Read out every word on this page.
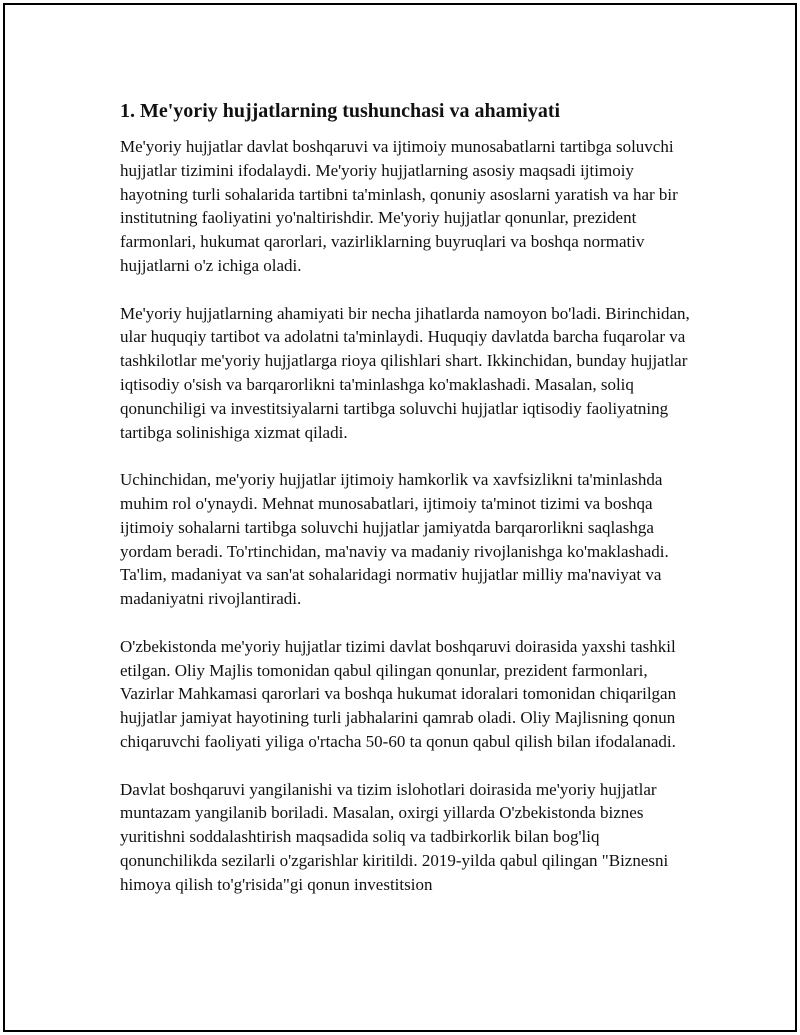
1. Me'yoriy hujjatlarning tushunchasi va ahamiyati

Me'yoriy hujjatlar davlat boshqaruvi va ijtimoiy munosabatlarni tartibga soluvchi hujjatlar tizimini ifodalaydi. Me'yoriy hujjatlarning asosiy maqsadi ijtimoiy hayotning turli sohalarida tartibni ta'minlash, qonuniy asoslarni yaratish va har bir institutning faoliyatini yo'naltirishdir. Me'yoriy hujjatlar qonunlar, prezident farmonlari, hukumat qarorlari, vazirliklarning buyruqlari va boshqa normativ hujjatlarni o'z ichiga oladi.

Me'yoriy hujjatlarning ahamiyati bir necha jihatlarda namoyon bo'ladi. Birinchidan, ular huquqiy tartibot va adolatni ta'minlaydi. Huquqiy davlatda barcha fuqarolar va tashkilotlar me'yoriy hujjatlarga rioya qilishlari shart. Ikkinchidan, bunday hujjatlar iqtisodiy o'sish va barqarorlikni ta'minlashga ko'maklashadi. Masalan, soliq qonunchiligi va investitsiyalarni tartibga soluvchi hujjatlar iqtisodiy faoliyatning tartibga solinishiga xizmat qiladi.

Uchinchidan, me'yoriy hujjatlar ijtimoiy hamkorlik va xavfsizlikni ta'minlashda muhim rol o'ynaydi. Mehnat munosabatlari, ijtimoiy ta'minot tizimi va boshqa ijtimoiy sohalarni tartibga soluvchi hujjatlar jamiyatda barqarorlikni saqlashga yordam beradi. To'rtinchidan, ma'naviy va madaniy rivojlanishga ko'maklashadi. Ta'lim, madaniyat va san'at sohalaridagi normativ hujjatlar milliy ma'naviyat va madaniyatni rivojlantiradi.

O'zbekistonda me'yoriy hujjatlar tizimi davlat boshqaruvi doirasida yaxshi tashkil etilgan. Oliy Majlis tomonidan qabul qilingan qonunlar, prezident farmonlari, Vazirlar Mahkamasi qarorlari va boshqa hukumat idoralari tomonidan chiqarilgan hujjatlar jamiyat hayotining turli jabhalarini qamrab oladi. Oliy Majlisning qonun chiqaruvchi faoliyati yiliga o'rtacha 50-60 ta qonun qabul qilish bilan ifodalanadi.

Davlat boshqaruvi yangilanishi va tizim islohotlari doirasida me'yoriy hujjatlar muntazam yangilanib boriladi. Masalan, oxirgi yillarda O'zbekistonda biznes yuritishni soddalashtirish maqsadida soliq va tadbirkorlik bilan bog'liq qonunchilikda sezilarli o'zgarishlar kiritildi. 2019-yilda qabul qilingan "Biznesni himoya qilish to'g'risida"gi qonun investitsion
